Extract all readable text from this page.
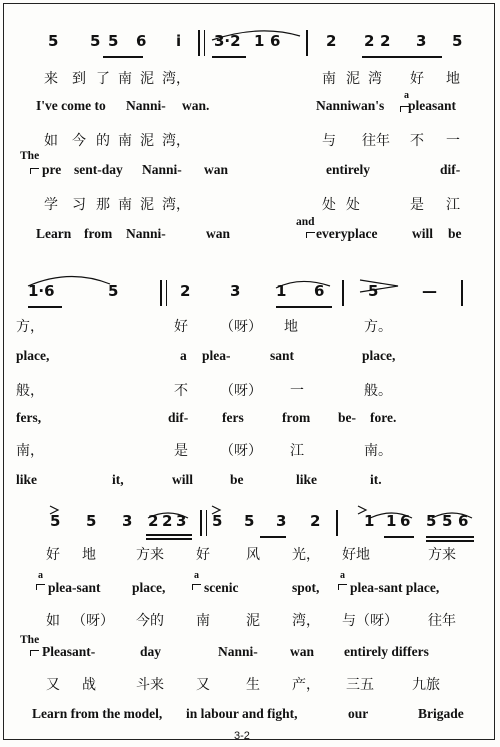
5 5 5 6 i 3·2 1 6	2 2 2 3 5
来 到 了 南 泥 湾，	南 泥 湾 好 地
I've come to Nanni- wan.	Nanniwan's pleasant
a
如 今 的 南 泥 湾，	与 往年 不 一
The
pre sent-day Nanni- wan	entirely	dif-
学 习 那 南 泥 湾，	处 处	是 江
and
Learn from Nanni-	wan	everyplace	will be
1·6	5	2	3 1 6	5	—
方，	好 （呀） 地	方。
place,	a plea-	sant	place,
般，	不 （呀） 一	般。
fers,	dif-	fers	from be- fore.
南，	是 （呀） 江	南。
like	it,	will	be	like	it.
5 5 3 2 2 3 5 5 3 2	1 1 6 5 5 6
好 地	方来 好	风 光， 好地	方来
a	a	a
plea-sant place,	scenic	spot, plea-sant place,
如 （呀） 今的 南	泥 湾， 与（呀） 往年
The
Pleasant-	day	Nanni- wan entirely differs
又 战	斗来 又	生 产， 三五	九旅
Learn from the model, in labour and fight,	our	Brigade
3-2
